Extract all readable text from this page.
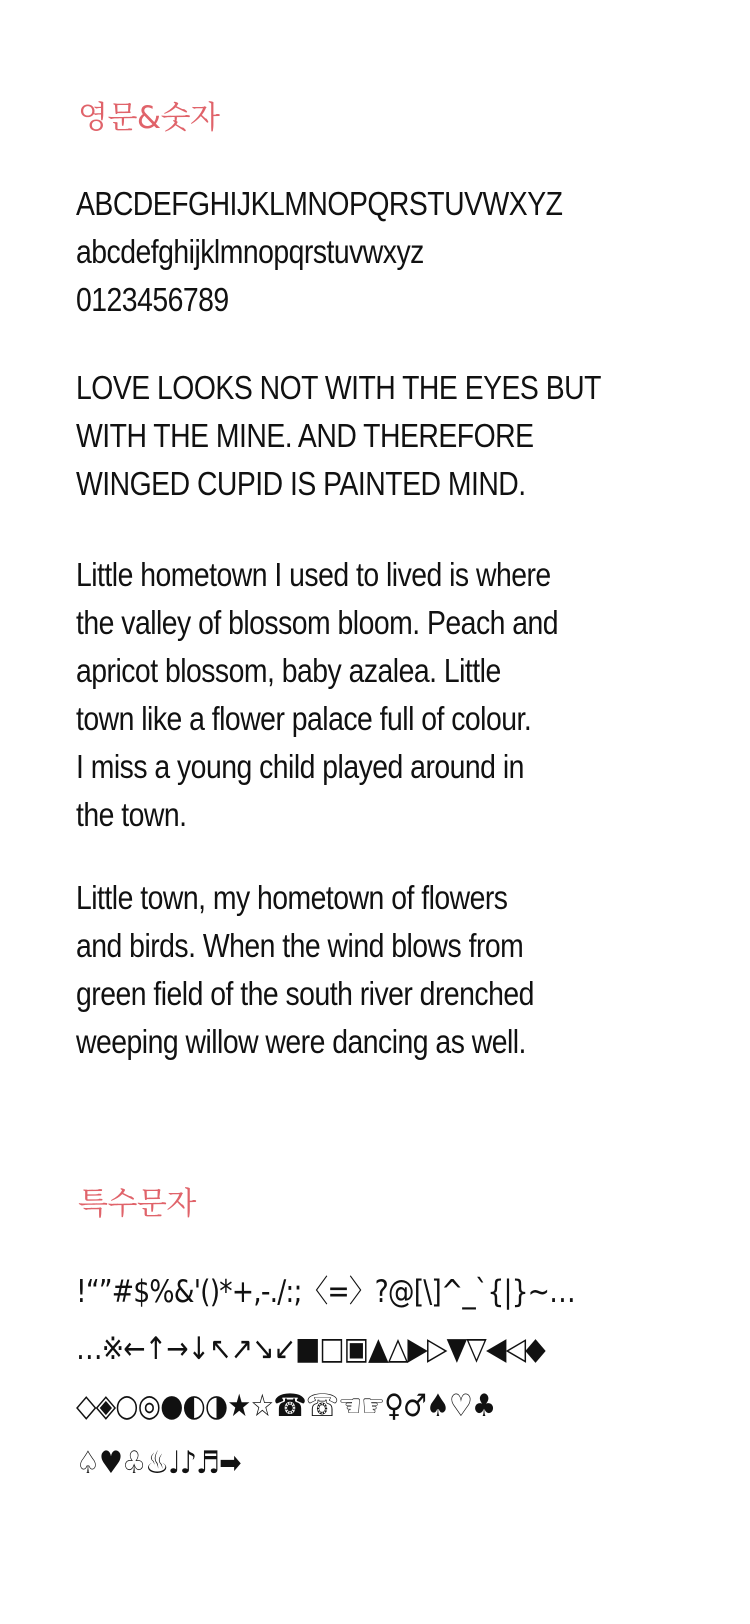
영문&숫자
ABCDEFGHIJKLMNOPQRSTUVWXYZ
abcdefghijklmnopqrstuvwxyz
0123456789
LOVE LOOKS NOT WITH THE EYES BUT
WITH THE MINE. AND THEREFORE
WINGED CUPID IS PAINTED MIND.
Little hometown I used to lived is where
the valley of blossom bloom. Peach and
apricot blossom, baby azalea. Little
town like a flower palace full of colour.
I miss a young child played around in
the town.
Little town, my hometown of flowers
and birds. When the wind blows from
green field of the south river drenched
weeping willow were dancing as well.
특수문자
!“”#$%&'()*+,-./:;〈=〉?@[\]^_`{|}~…
…※←↑→↓↖↗↘↙■□▣▲△▶▷▼▽◀◁◆
◇◈○◎●◐◑★☆☎☏☜☞♀♂♠♡♣
♤♥♧♨♩♪♬➡
